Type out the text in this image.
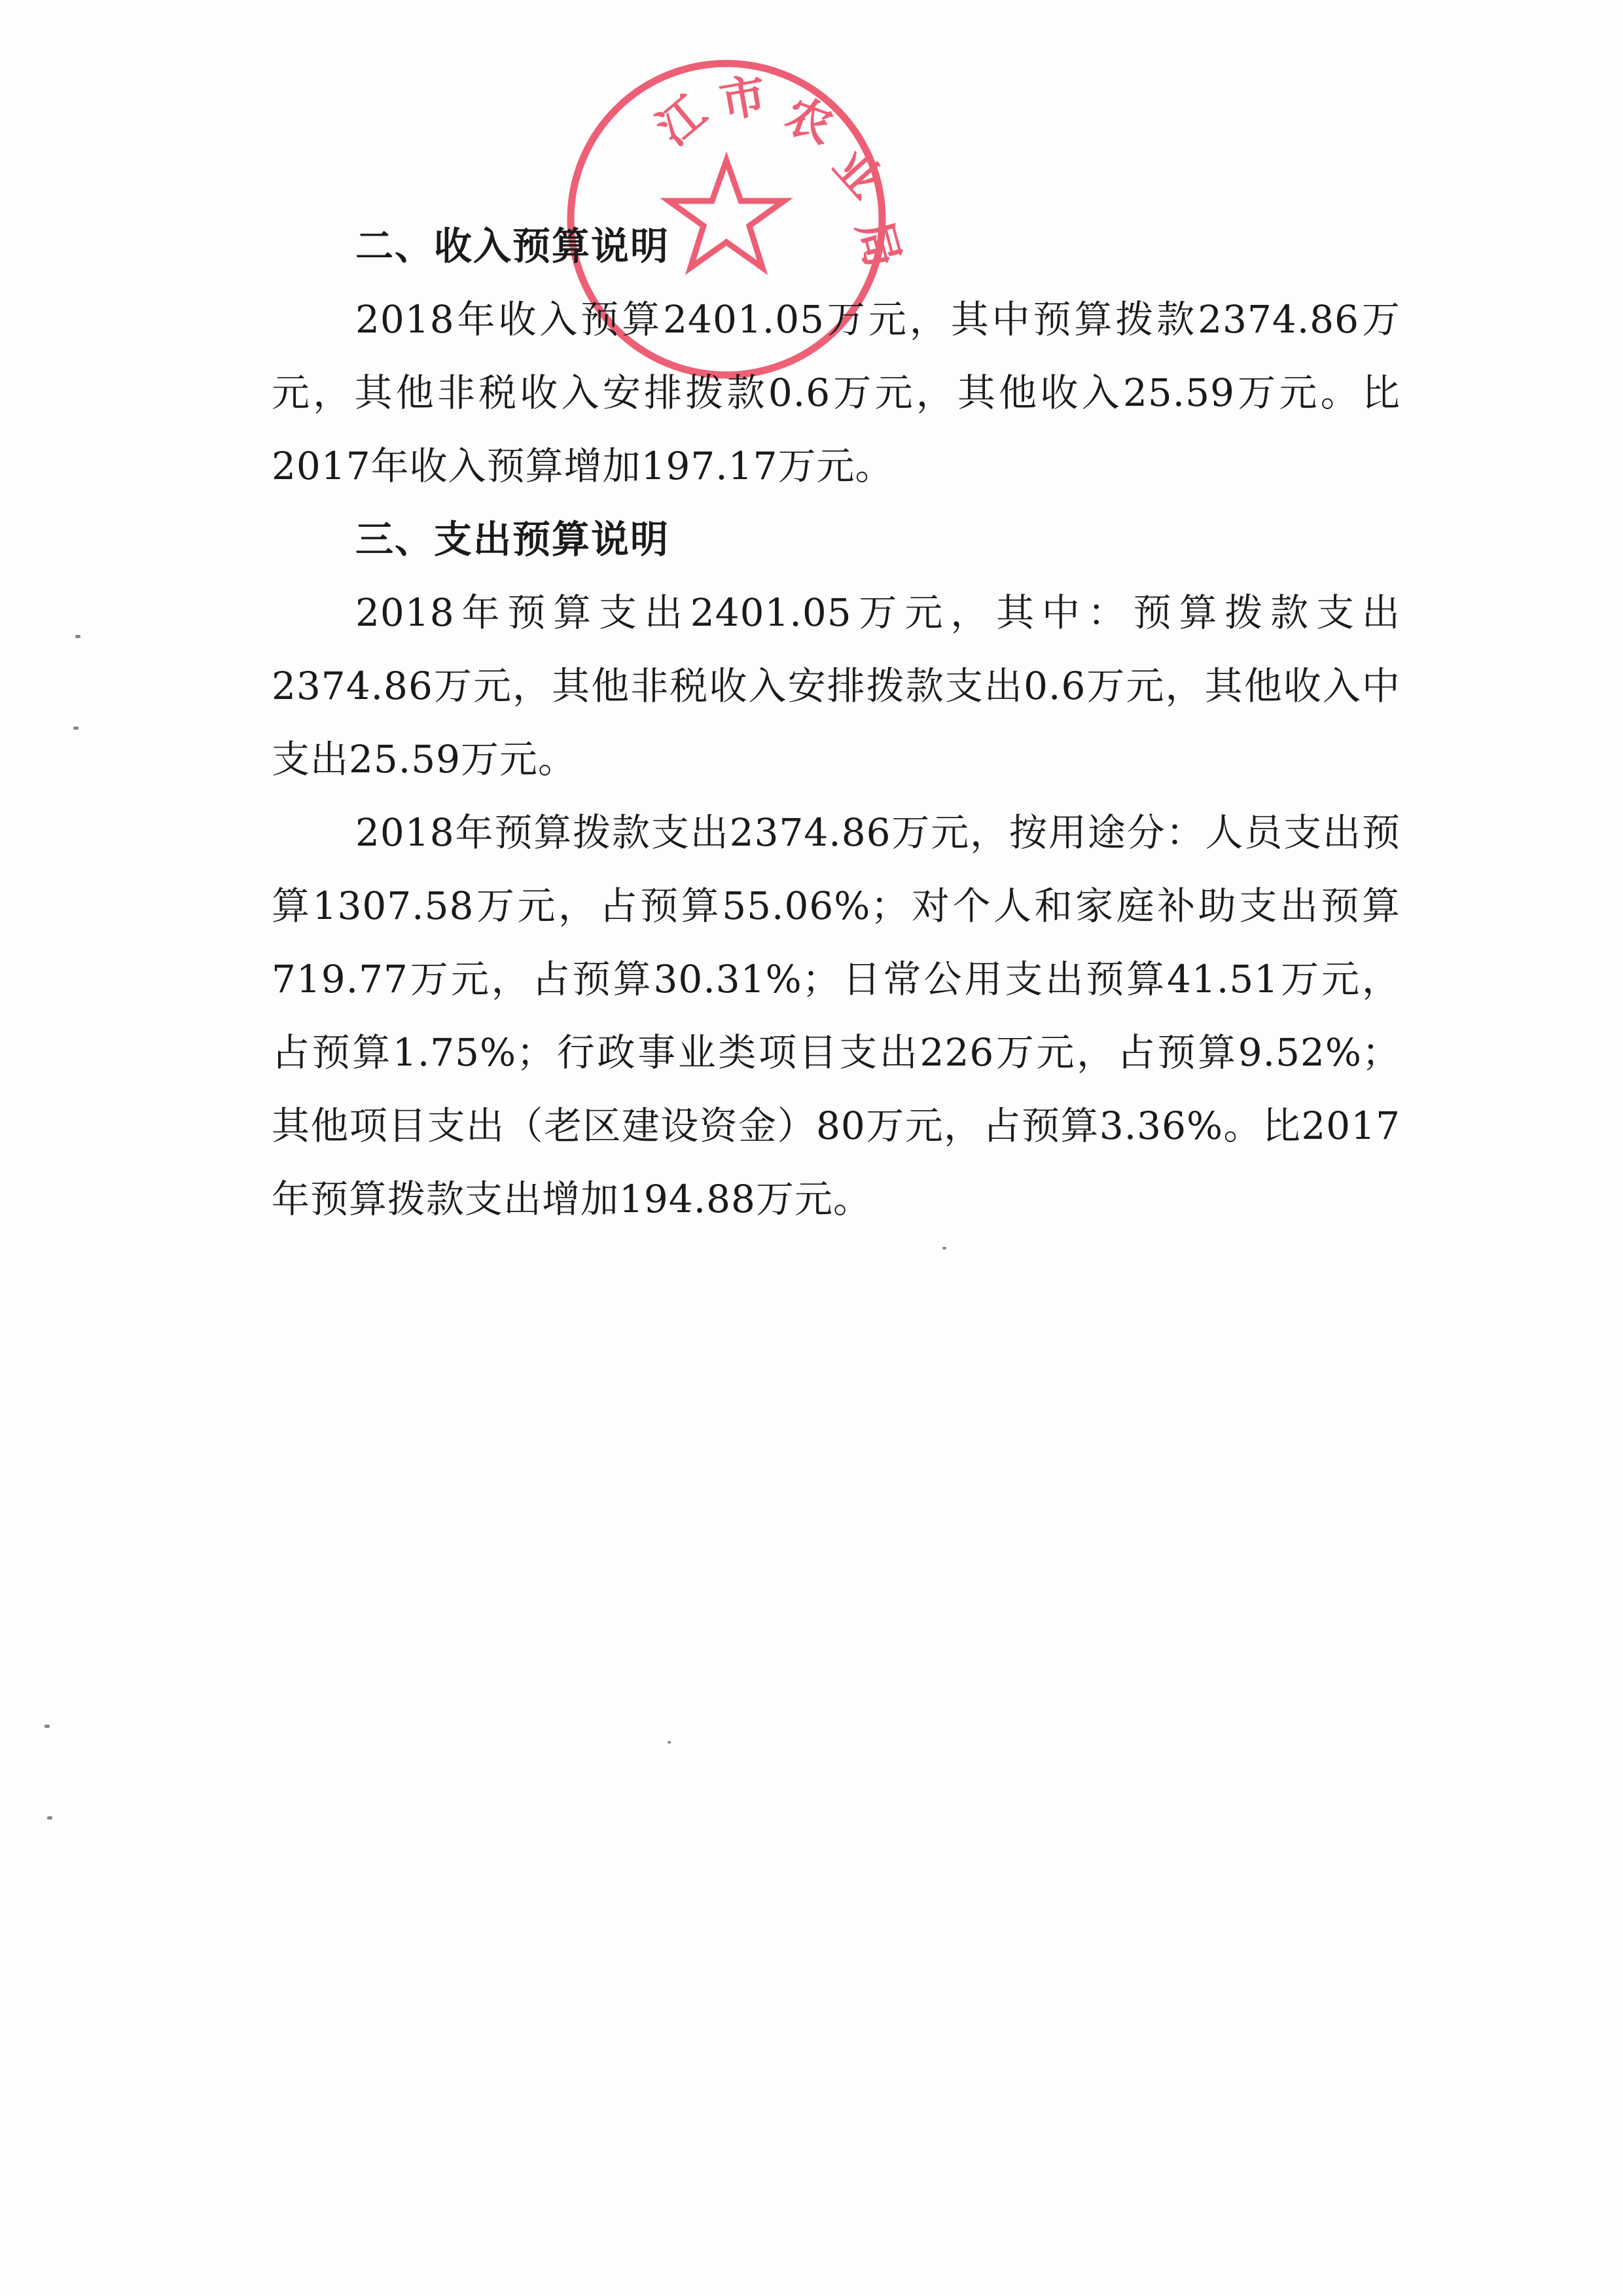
江 市 农
业
局

二、收入预算说明

2018年收入预算2401.05万元，其中预算拨款2374.86万元，其他非税收入安排拨款0.6万元，其他收入25.59万元。比2017年收入预算增加197.17万元。

三、支出预算说明

2018年预算支出2401.05万元，其中：预算拨款支出2374.86万元，其他非税收入安排拨款支出0.6万元，其他收入中支出25.59万元。

2018年预算拨款支出2374.86万元，按用途分：人员支出预算1307.58万元，占预算55.06%；对个人和家庭补助支出预算719.77万元，占预算30.31%；日常公用支出预算41.51万元，占预算1.75%；行政事业类项目支出226万元，占预算9.52%；其他项目支出（老区建设资金）80万元，占预算3.36%。比2017年预算拨款支出增加194.88万元。
